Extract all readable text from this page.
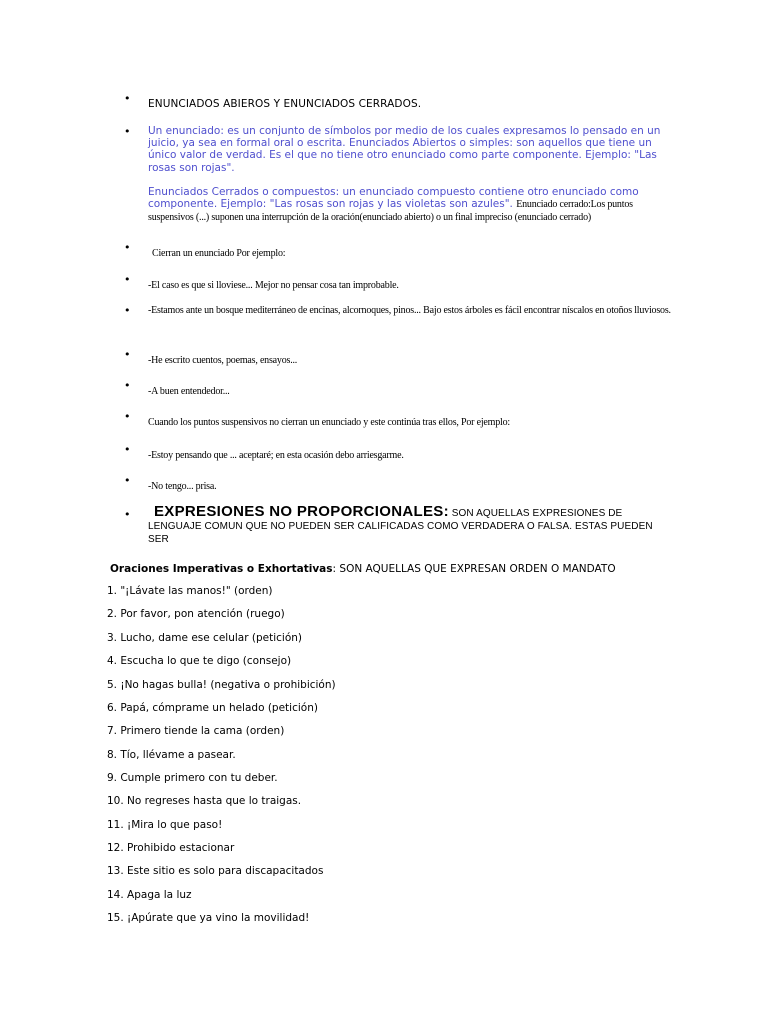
• ENUNCIADOS ABIEROS Y ENUNCIADOS CERRADOS.
• Un enunciado: es un conjunto de símbolos por medio de los cuales expresamos lo pensado en un juicio, ya sea en formal oral o escrita. Enunciados Abiertos o simples: son aquellos que tiene un único valor de verdad. Es el que no tiene otro enunciado como parte componente. Ejemplo: "Las rosas son rojas".
Enunciados Cerrados o compuestos: un enunciado compuesto contiene otro enunciado como componente. Ejemplo: "Las rosas son rojas y las violetas son azules". Enunciado cerrado:Los puntos suspensivos (...) suponen una interrupción de la oración(enunciado abierto) o un final impreciso (enunciado cerrado)
• Cierran un enunciado Por ejemplo:
• -El caso es que si lloviese... Mejor no pensar cosa tan improbable.
• -Estamos ante un bosque mediterráneo de encinas, alcornoques, pinos... Bajo estos árboles es fácil encontrar níscalos en otoños lluviosos.
• -He escrito cuentos, poemas, ensayos...
• -A buen entendedor...
• Cuando los puntos suspensivos no cierran un enunciado y este continúa tras ellos, Por ejemplo:
• -Estoy pensando que ... aceptaré; en esta ocasión debo arriesgarme.
• -No tengo... prisa.
•	EXPRESIONES NO PROPORCIONALES: SON AQUELLAS EXPRESIONES DE
LENGUAJE COMUN QUE NO PUEDEN SER CALIFICADAS COMO VERDADERA O FALSA. ESTAS PUEDEN SER
Oraciones Imperativas o Exhortativas: SON AQUELLAS QUE EXPRESAN ORDEN O MANDATO
1. "¡Lávate las manos!" (orden)
2. Por favor, pon atención (ruego)
3. Lucho, dame ese celular (petición)
4. Escucha lo que te digo (consejo)
5. ¡No hagas bulla! (negativa o prohibición)
6. Papá, cómprame un helado (petición)
7. Primero tiende la cama (orden)
8. Tío, llévame a pasear.
9. Cumple primero con tu deber.
10. No regreses hasta que lo traigas.
11. ¡Mira lo que paso!
12. Prohibido estacionar
13. Este sitio es solo para discapacitados
14. Apaga la luz
15. ¡Apúrate que ya vino la movilidad!
